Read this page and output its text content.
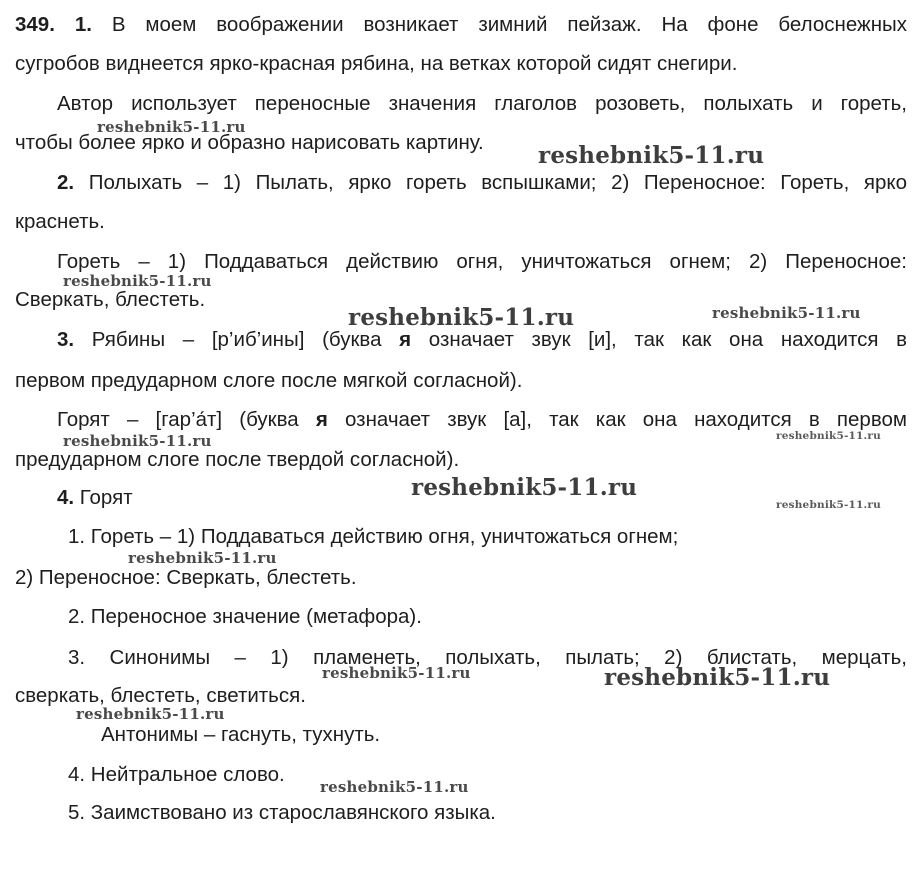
349. 1. В моем воображении возникает зимний пейзаж. На фоне белоснежных
сугробов виднеется ярко-красная рябина, на ветках которой сидят снегири.
Автор использует переносные значения глаголов розоветь, полыхать и гореть,
чтобы более ярко и образно нарисовать картину.
2. Полыхать – 1) Пылать, ярко гореть вспышками; 2) Переносное: Гореть, ярко
краснеть.
Гореть – 1) Поддаваться действию огня, уничтожаться огнем; 2) Переносное:
Сверкать, блестеть.
3. Рябины – [р’иб’ины] (буква я означает звук [и], так как она находится в
первом предударном слоге после мягкой согласной).
Горят – [гар’а́т] (буква я означает звук [а], так как она находится в первом
предударном слоге после твердой согласной).
4. Горят
1. Гореть – 1) Поддаваться действию огня, уничтожаться огнем;
2) Переносное: Сверкать, блестеть.
2. Переносное значение (метафора).
3. Синонимы – 1) пламенеть, полыхать, пылать; 2) блистать, мерцать,
сверкать, блестеть, светиться.
Антонимы – гаснуть, тухнуть.
4. Нейтральное слово.
5. Заимствовано из старославянского языка.
reshebnik5-11.ru
reshebnik5-11.ru
reshebnik5-11.ru
reshebnik5-11.ru	reshebnik5-11.ru
reshebnik5-11.ru	reshebnik5-11.ru
reshebnik5-11.ru
reshebnik5-11.ru
reshebnik5-11.ru
reshebnik5-11.ru	reshebnik5-11.ru
reshebnik5-11.ru
reshebnik5-11.ru
